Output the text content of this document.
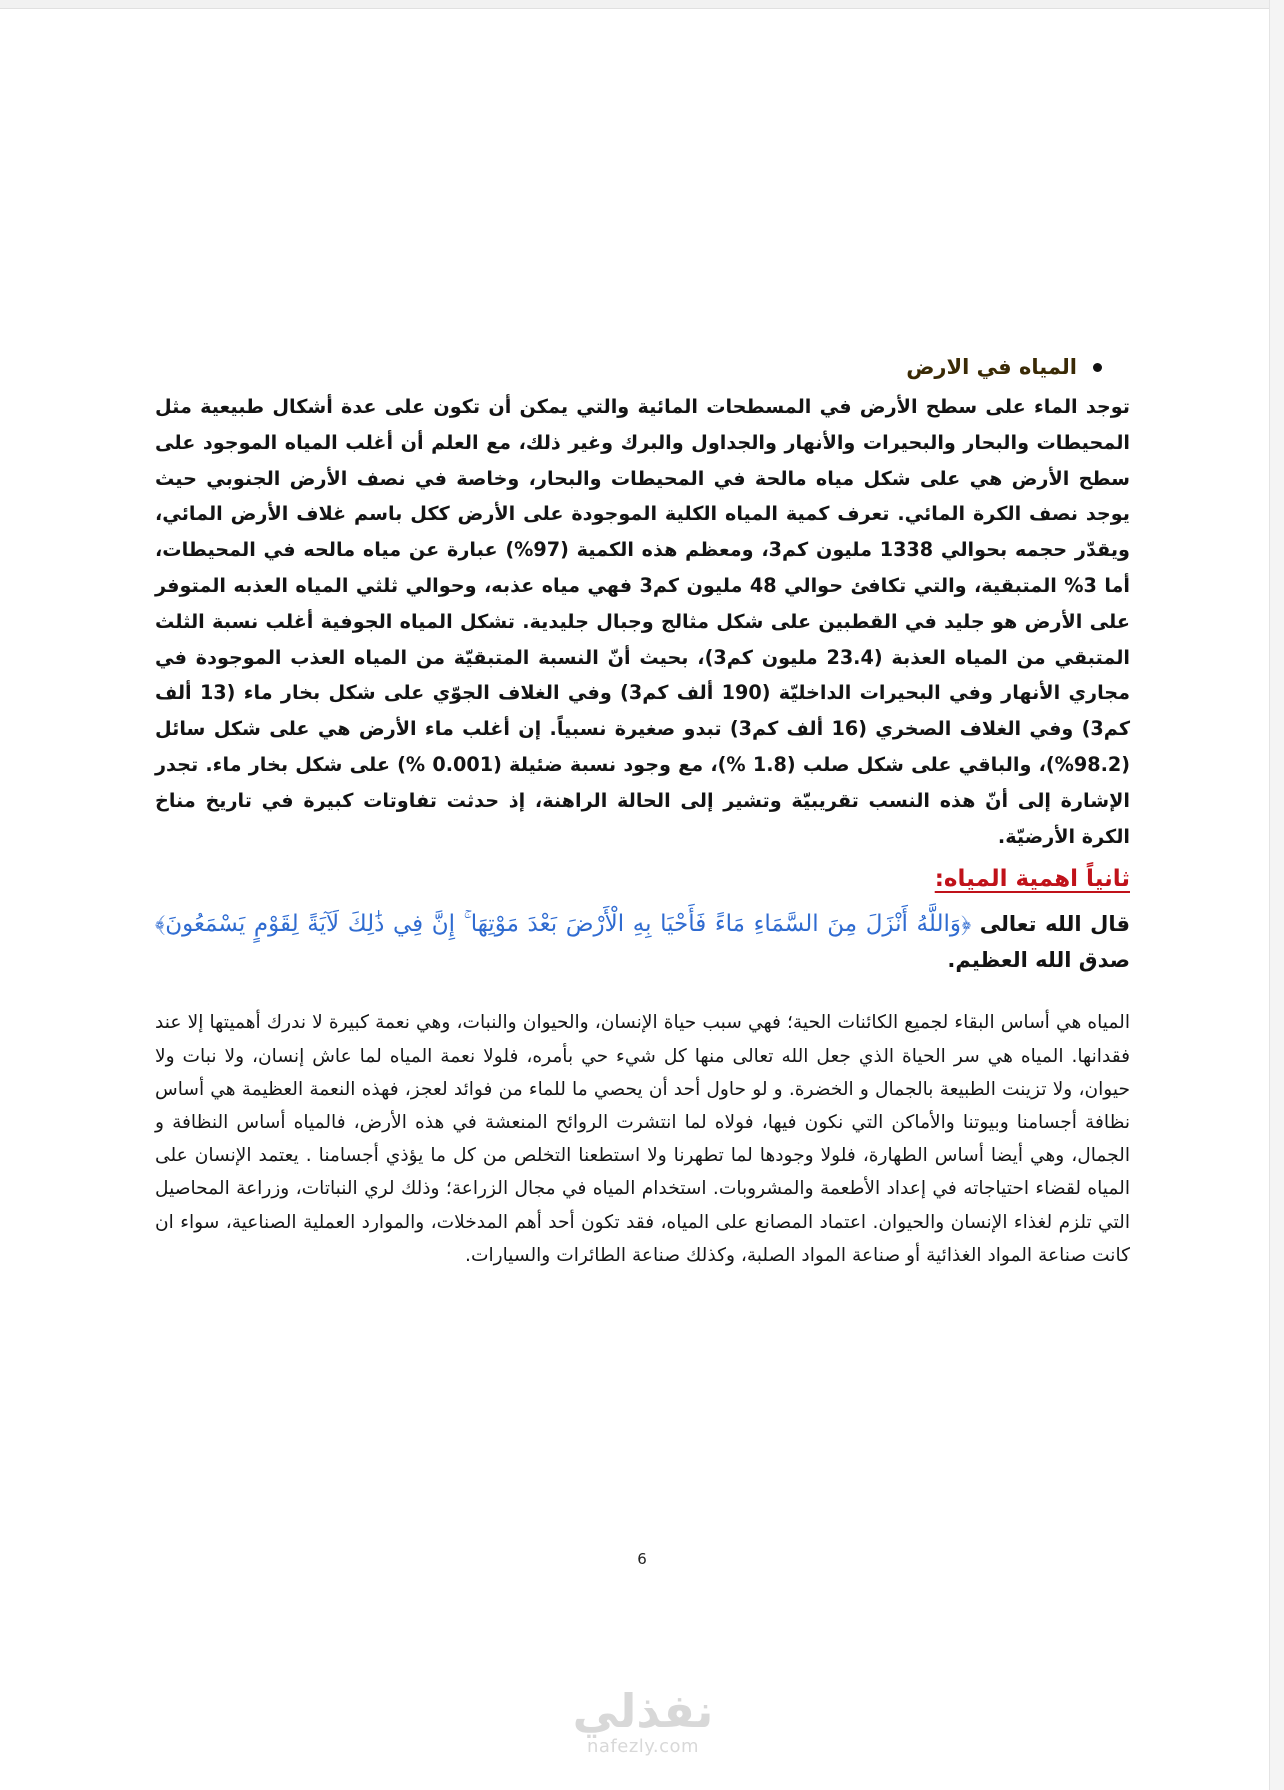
المياه في الارض

توجد الماء على سطح الأرض في المسطحات المائية والتي يمكن أن تكون على عدة أشكال طبيعية مثل المحيطات والبحار والبحيرات والأنهار والجداول والبرك وغير ذلك، مع العلم أن أغلب المياه الموجود على سطح الأرض هي على شكل مياه مالحة في المحيطات والبحار، وخاصة في نصف الأرض الجنوبي حيث يوجد نصف الكرة المائي. تعرف كمية المياه الكلية الموجودة على الأرض ككل باسم غلاف الأرض المائي، ويقدّر حجمه بحوالي 1338 مليون كم3، ومعظم هذه الكمية (97%) عبارة عن مياه مالحه في المحيطات، أما 3% المتبقية، والتي تكافئ حوالي 48 مليون كم3 فهي مياه عذبه، وحوالي ثلثي المياه العذبه المتوفر على الأرض هو جليد في القطبين على شكل مثالج وجبال جليدية. تشكل المياه الجوفية أغلب نسبة الثلث المتبقي من المياه العذبة (23.4 مليون كم3)، بحيث أنّ النسبة المتبقيّة من المياه العذب الموجودة في مجاري الأنهار وفي البحيرات الداخليّة (190 ألف كم3) وفي الغلاف الجوّي على شكل بخار ماء (13 ألف كم3) وفي الغلاف الصخري (16 ألف كم3) تبدو صغيرة نسبياً. إن أغلب ماء الأرض هي على شكل سائل (98.2%)، والباقي على شكل صلب (1.8 %)، مع وجود نسبة ضئيلة (0.001 %) على شكل بخار ماء. تجدر الإشارة إلى أنّ هذه النسب تقريبيّة وتشير إلى الحالة الراهنة، إذ حدثت تفاوتات كبيرة في تاريخ مناخ الكرة الأرضيّة.

ثانياً اهمية المياه:

قال الله تعالى ﴿وَاللَّهُ أَنْزَلَ مِنَ السَّمَاءِ مَاءً فَأَحْيَا بِهِ الْأَرْضَ بَعْدَ مَوْتِهَا ۚ إِنَّ فِي ذَٰلِكَ لَآيَةً لِقَوْمٍ يَسْمَعُونَ﴾ صدق الله العظيم.

المياه هي أساس البقاء لجميع الكائنات الحية؛ فهي سبب حياة الإنسان، والحيوان والنبات، وهي نعمة كبيرة لا ندرك أهميتها إلا عند فقدانها. المياه هي سر الحياة الذي جعل الله تعالى منها كل شيء حي بأمره، فلولا نعمة المياه لما عاش إنسان، ولا نبات ولا حيوان، ولا تزينت الطبيعة بالجمال و الخضرة. و لو حاول أحد أن يحصي ما للماء من فوائد لعجز، فهذه النعمة العظيمة هي أساس نظافة أجسامنا وبيوتنا والأماكن التي نكون فيها، فولاه لما انتشرت الروائح المنعشة في هذه الأرض، فالمياه أساس النظافة و الجمال، وهي أيضا أساس الطهارة، فلولا وجودها لما تطهرنا ولا استطعنا التخلص من كل ما يؤذي أجسامنا . يعتمد الإنسان على المياه لقضاء احتياجاته في إعداد الأطعمة والمشروبات. استخدام المياه في مجال الزراعة؛ وذلك لري النباتات، وزراعة المحاصيل التي تلزم لغذاء الإنسان والحيوان. اعتماد المصانع على المياه، فقد تكون أحد أهم المدخلات، والموارد العملية الصناعية، سواء ان كانت صناعة المواد الغذائية أو صناعة المواد الصلبة، وكذلك صناعة الطائرات والسيارات.

6
نفذلي
nafezly.com
